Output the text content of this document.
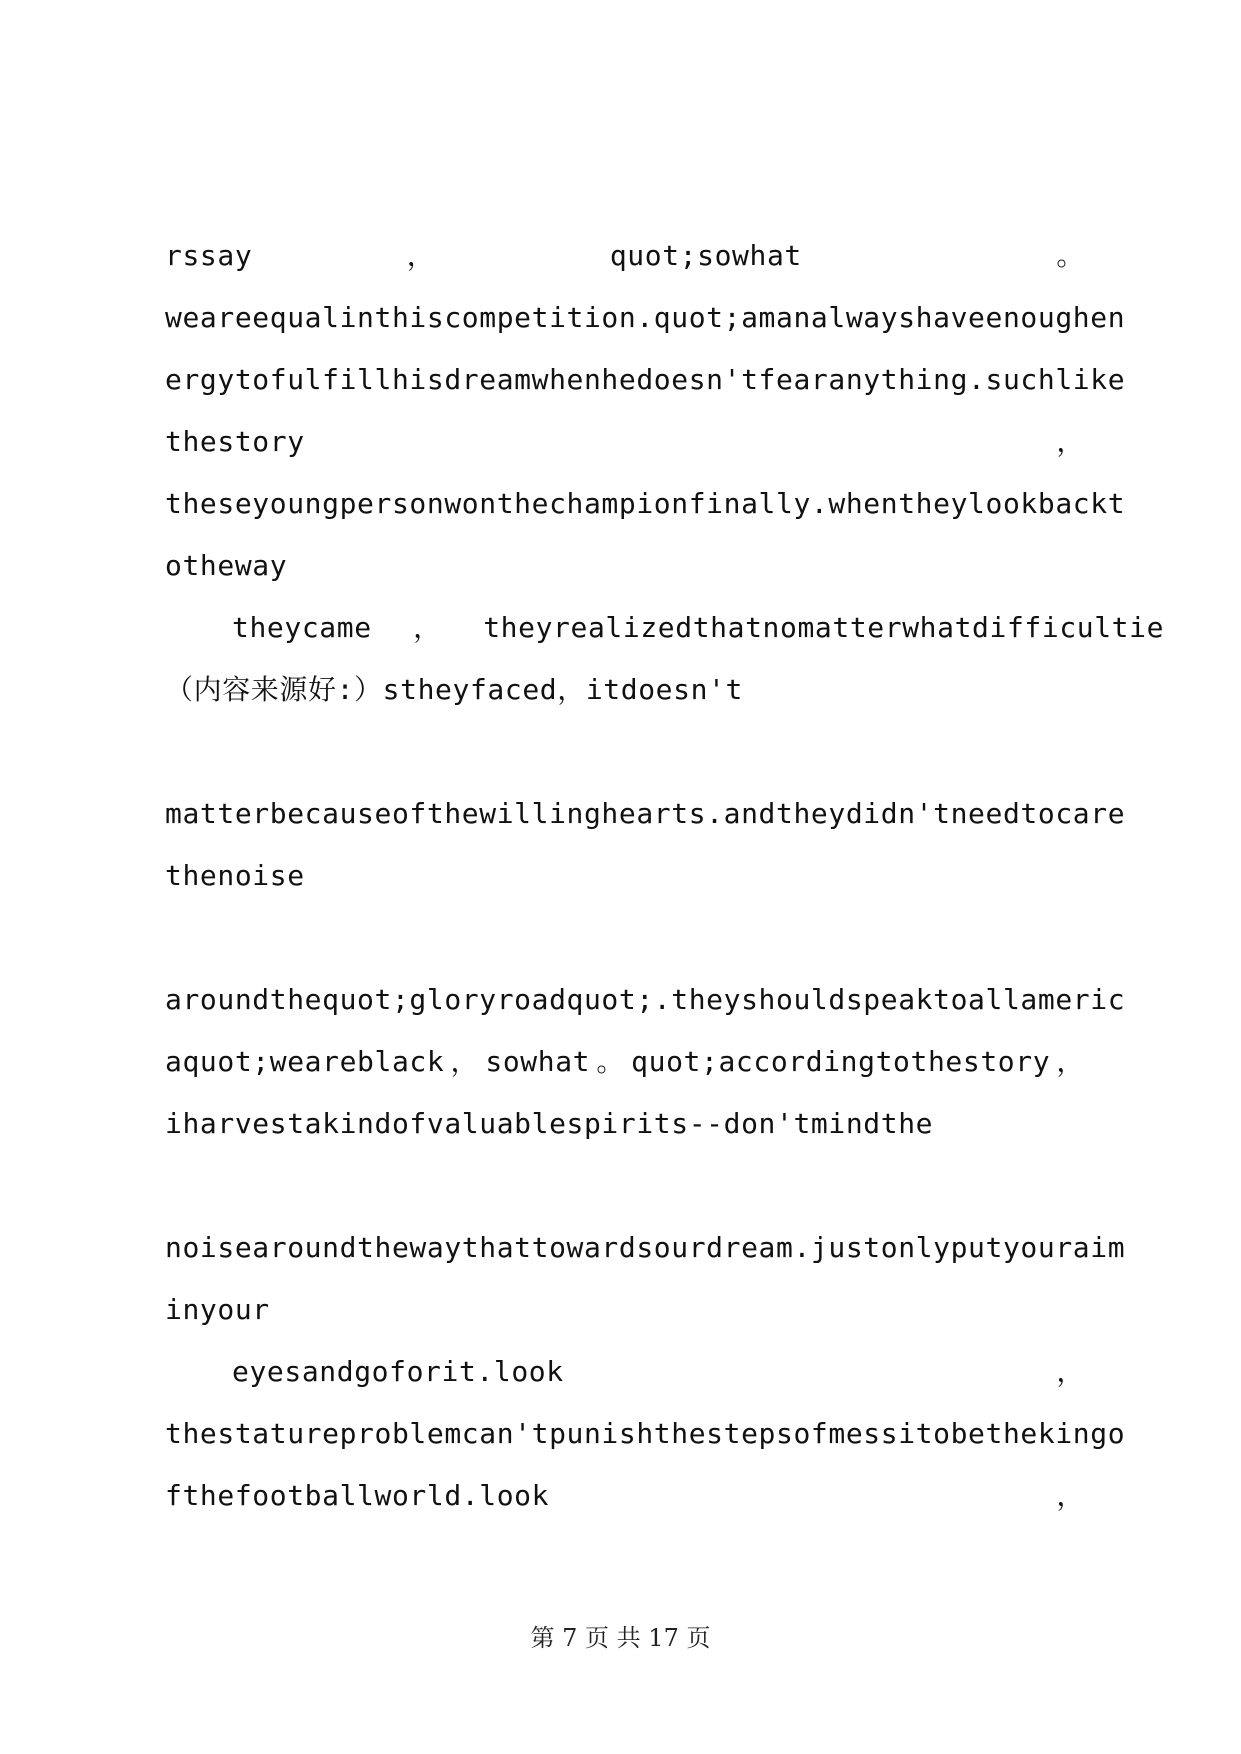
rssay	，	quot;sowhat	。
weareequalinthiscompetition.quot;amanalwayshaveenoughen
ergytofulfillhisdreamwhenhedoesn'tfearanything.suchlike
thestory	，
theseyoungpersonwonthechampionfinally.whentheylookbackt
otheway
theycame ， theyrealizedthatnomatterwhatdifficultie
（内容来源好:）stheyfaced，itdoesn't
matterbecauseofthewillinghearts.andtheydidn'tneedtocare
thenoise
aroundthequot;gloryroadquot;.theyshouldspeaktoallameric
aquot;weareblack ， sowhat 。 quot;accordingtothestory ，
iharvestakindofvaluablespirits--don'tmindthe
noisearoundthewaythattowardsourdream.justonlyputyouraim
inyour
eyesandgoforit.look	，
thestatureproblemcan'tpunishthestepsofmessitobethekingo
fthefootballworld.look	，
第 7 页 共 17 页
